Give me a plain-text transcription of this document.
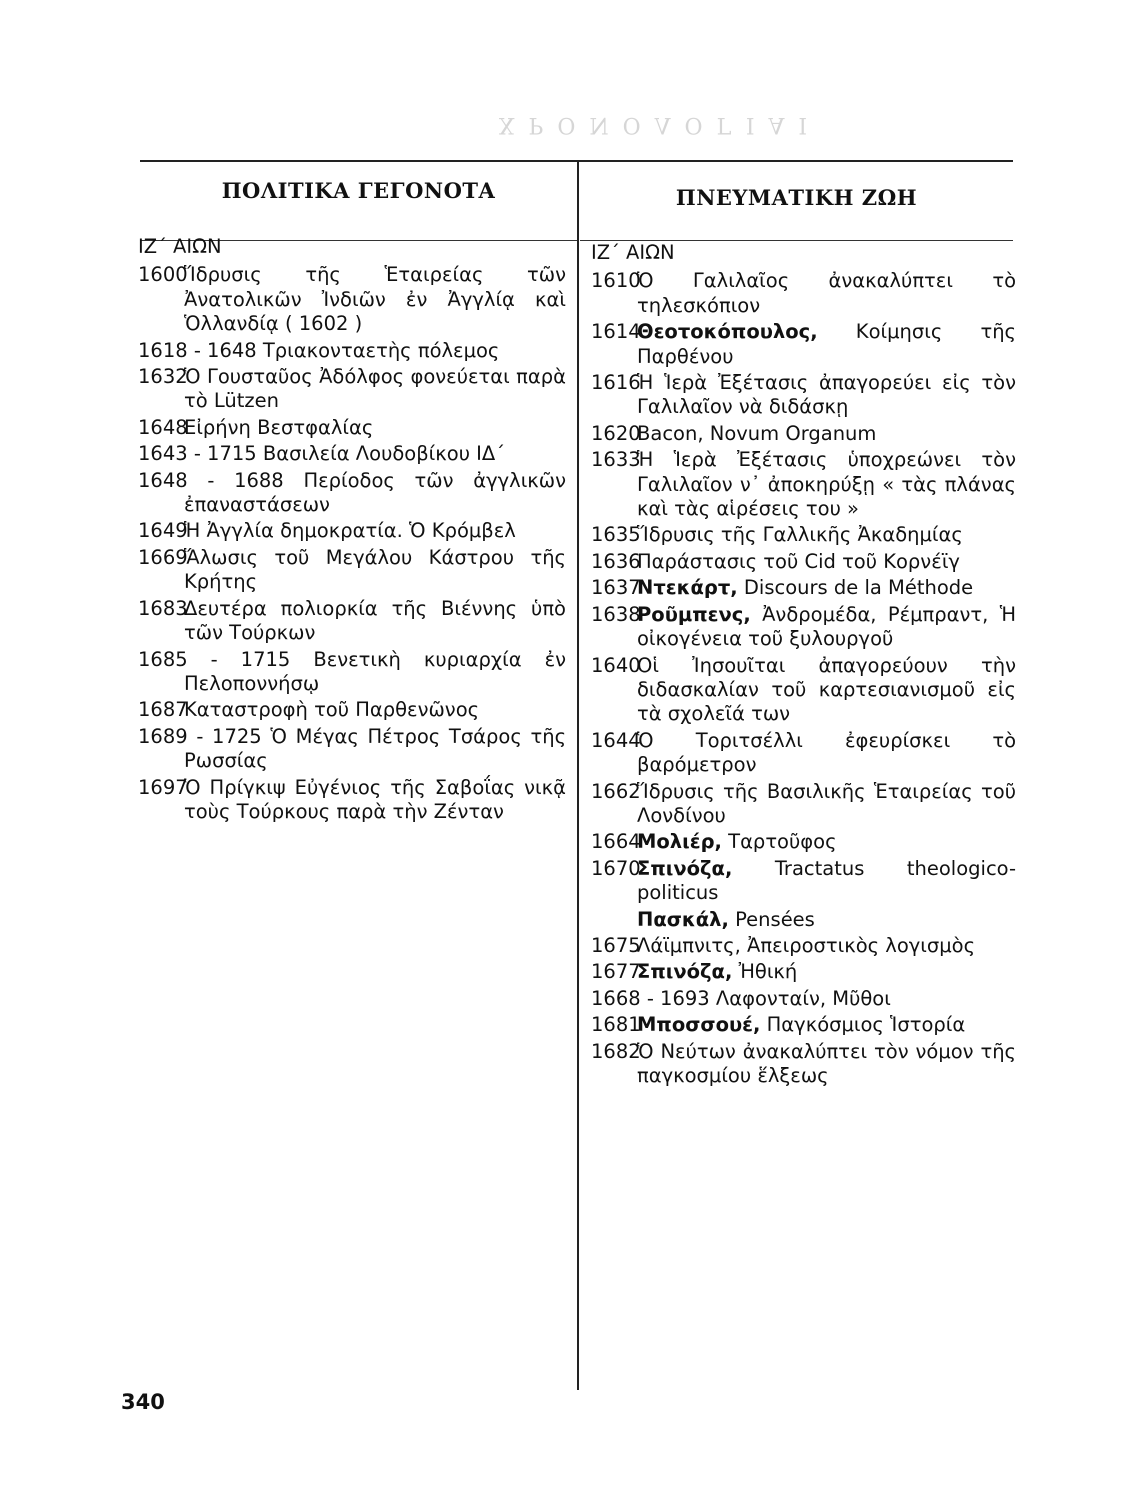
ΧΡΟΝΟΛΟΓΙΑΙ
ΠΟΛΙΤΙΚΑ ΓΕΓΟΝΟΤΑ	ΠΝΕΥΜΑΤΙΚΗ ΖΩΗ
ΙΖ΄ ΑΙΩΝ
1600
Ἵδρυσις τῆς Ἑταιρείας τῶν Ἀνατολικῶν Ἰνδιῶν ἐν Ἀγγλίᾳ καὶ Ὁλλανδίᾳ ( 1602 )
1618 - 1648 Τριακονταετὴς πόλεμος
1632
Ὁ Γουσταῦος Ἀδόλφος φονεύεται παρὰ τὸ Lützen
1648
Εἰρήνη Βεστφαλίας
1643 - 1715 Βασιλεία Λουδοβίκου ΙΔ΄
1648 - 1688 Περίοδος τῶν ἀγγλικῶν ἐπαναστάσεων
1649
Ἡ Ἀγγλία δημοκρατία. Ὁ Κρόμβελ
1669
Ἅλωσις τοῦ Μεγάλου Κάστρου τῆς Κρήτης
1683
Δευτέρα πολιορκία τῆς Βιέννης ὑπὸ τῶν Τούρκων
1685 - 1715 Βενετικὴ κυριαρχία ἐν Πελοποννήσῳ
1687
Καταστροφὴ τοῦ Παρθενῶνος
1689 - 1725 Ὁ Μέγας Πέτρος Τσάρος τῆς Ρωσσίας
1697
Ὁ Πρίγκιψ Εὐγένιος τῆς Σαβοΐας νικᾷ τοὺς Τούρκους παρὰ τὴν Ζένταν
ΙΖ΄ ΑΙΩΝ
1610
Ὁ Γαλιλαῖος ἀνακαλύπτει τὸ τηλεσκόπιον
1614
Θεοτοκόπουλος, Κοίμησις τῆς Παρθένου
1616
Ἡ Ἱερὰ Ἐξέτασις ἀπαγορεύει εἰς τὸν Γαλιλαῖον νὰ διδάσκῃ
1620
Bacon, Novum Organum
1633
Ἡ Ἱερὰ Ἐξέτασις ὑποχρεώνει τὸν Γαλιλαῖον ν᾽ ἀποκηρύξῃ « τὰς πλάνας καὶ τὰς αἱρέσεις του »
1635
Ἵδρυσις τῆς Γαλλικῆς Ἀκαδημίας
1636
Παράστασις τοῦ Cid τοῦ Κορνέϊγ
1637
Ντεκάρτ, Discours de la Méthode
1638
Ροῦμπενς, Ἀνδρομέδα, Ρέμπραντ, Ἡ οἰκογένεια τοῦ ξυλουργοῦ
1640
Οἱ Ἰησουῖται ἀπαγορεύουν τὴν διδασκαλίαν τοῦ καρτεσιανισμοῦ εἰς τὰ σχολεῖά των
1644
Ὁ Τοριτσέλλι ἐφευρίσκει τὸ βαρόμετρον
1662
Ἵδρυσις τῆς Βασιλικῆς Ἑταιρείας τοῦ Λονδίνου
1664
Μολιέρ, Ταρτοῦφος
1670
Σπινόζα, Tractatus theologico-politicus
Πασκάλ, Pensées
1675
Λάϊμπνιτς, Ἀπειροστικὸς λογισμὸς
1677
Σπινόζα, Ἠθική
1668 - 1693 Λαφονταίν, Μῦθοι
1681
Μποσσουέ, Παγκόσμιος Ἱστορία
1682
Ὁ Νεύτων ἀνακαλύπτει τὸν νόμον τῆς παγκοσμίου ἕλξεως
340
